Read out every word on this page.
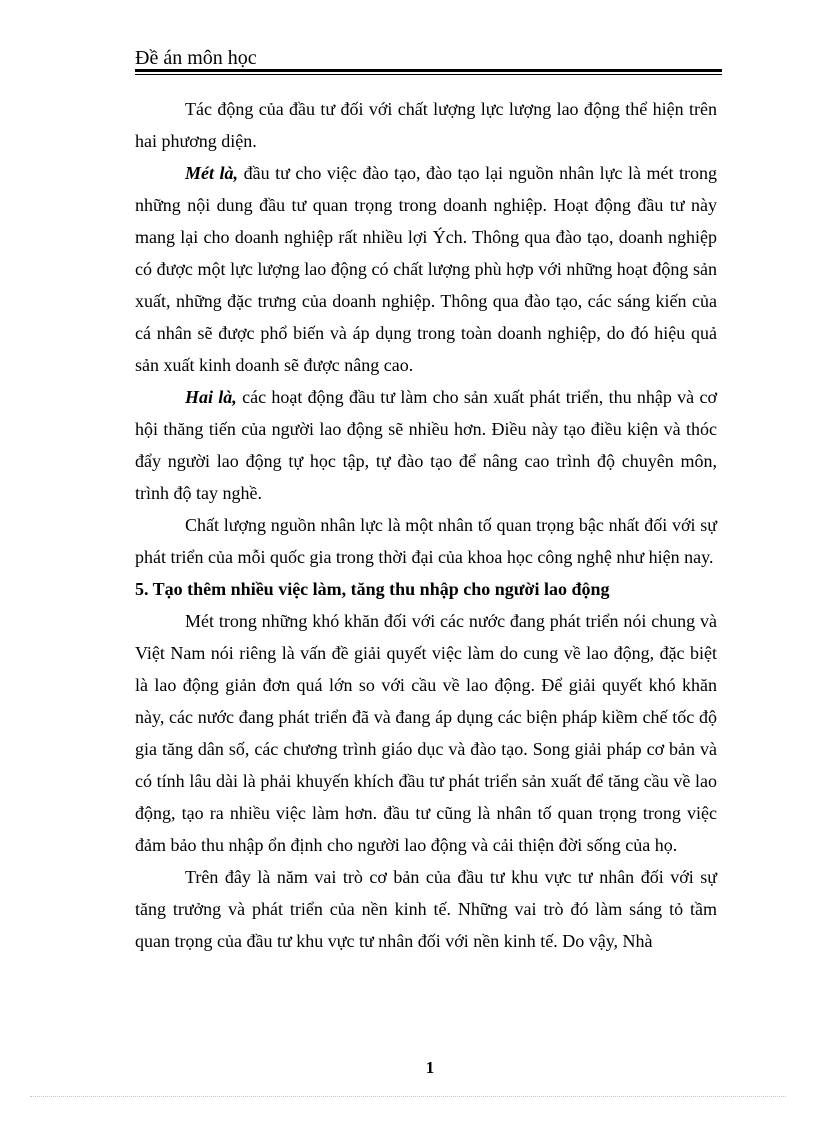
Đề án môn học

Tác động của đầu tư đối với chất lượng lực lượng lao động thể hiện trên hai phương diện.

Mét là, đầu tư cho việc đào tạo, đào tạo lại nguồn nhân lực là mét trong những nội dung đầu tư quan trọng trong doanh nghiệp. Hoạt động đầu tư này mang lại cho doanh nghiệp rất nhiều lợi Ých. Thông qua đào tạo, doanh nghiệp có được một lực lượng lao động có chất lượng phù hợp với những hoạt động sản xuất, những đặc trưng của doanh nghiệp. Thông qua đào tạo, các sáng kiến của cá nhân sẽ được phổ biến và áp dụng trong toàn doanh nghiệp, do đó hiệu quả sản xuất kinh doanh sẽ được nâng cao.

Hai là, các hoạt động đầu tư làm cho sản xuất phát triển, thu nhập và cơ hội thăng tiến của người lao động sẽ nhiều hơn. Điều này tạo điều kiện và thóc đẩy người lao động tự học tập, tự đào tạo để nâng cao trình độ chuyên môn, trình độ tay nghề.

Chất lượng nguồn nhân lực là một nhân tố quan trọng bậc nhất đối với sự phát triển của mỗi quốc gia trong thời đại của khoa học công nghệ như hiện nay.

5. Tạo thêm nhiều việc làm, tăng thu nhập cho người lao động

Mét trong những khó khăn đối với các nước đang phát triển nói chung và Việt Nam nói riêng là vấn đề giải quyết việc làm do cung về lao động, đặc biệt là lao động giản đơn quá lớn so với cầu về lao động. Để giải quyết khó khăn này, các nước đang phát triển đã và đang áp dụng các biện pháp kiềm chế tốc độ gia tăng dân số, các chương trình giáo dục và đào tạo. Song giải pháp cơ bản và có tính lâu dài là phải khuyến khích đầu tư phát triển sản xuất để tăng cầu về lao động, tạo ra nhiều việc làm hơn. đầu tư cũng là nhân tố quan trọng trong việc đảm bảo thu nhập ổn định cho người lao động và cải thiện đời sống của họ.

Trên đây là năm vai trò cơ bản của đầu tư khu vực tư nhân đối với sự tăng trưởng và phát triển của nền kinh tế. Những vai trò đó làm sáng tỏ tầm quan trọng của đầu tư khu vực tư nhân đối với nền kinh tế. Do vậy, Nhà

1
